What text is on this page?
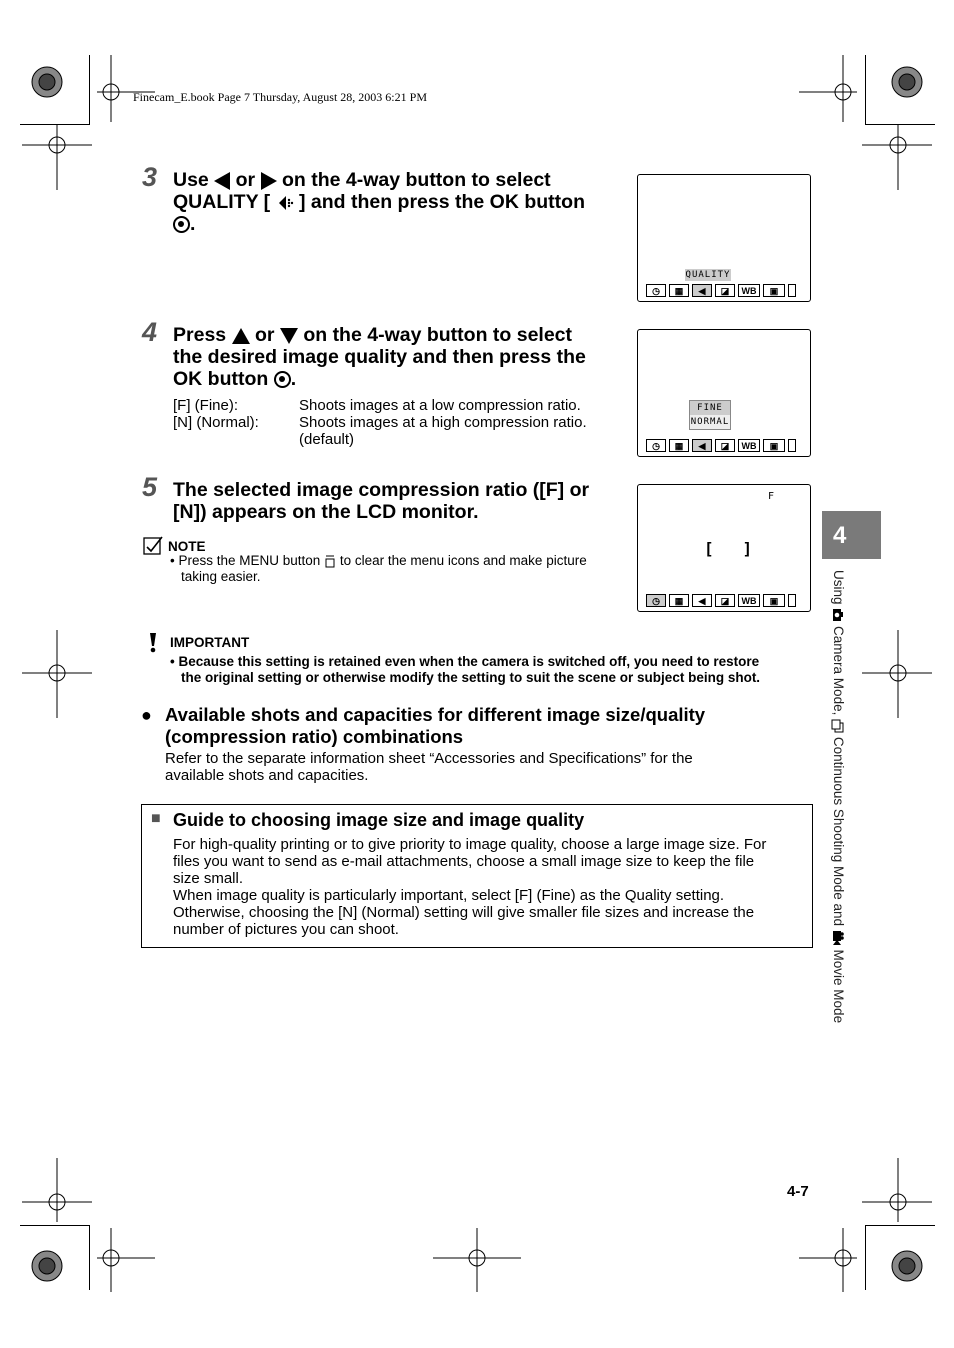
Finecam_E.book Page 7 Thursday, August 28, 2003 6:21 PM
3 Use or on the 4-way button to select
QUALITY [ ] and then press the OK button
.
QUALITY
◷	▦	◀	◪	WB	▣
4 Press or on the 4-way button to select
the desired image quality and then press the
OK button .
[F] (Fine):	Shoots images at a low compression ratio.
[N] (Normal):	Shoots images at a high compression ratio.
(default)
FINE
NORMAL
◷	▦	◀	◪	WB	▣
5 The selected image compression ratio ([F] or
[N]) appears on the LCD monitor.
F
[   ]
◷	▦	◀	◪	WB	▣
NOTE
• Press the MENU button to clear the menu icons and make picture
taking easier.
IMPORTANT
• Because this setting is retained even when the camera is switched off, you need to restore
the original setting or otherwise modify the setting to suit the scene or subject being shot.
● Available shots and capacities for different image size/quality
(compression ratio) combinations
Refer to the separate information sheet “Accessories and Specifications” for the
available shots and capacities.
■ Guide to choosing image size and image quality
For high-quality printing or to give priority to image quality, choose a large image size. For
files you want to send as e-mail attachments, choose a small image size to keep the file
size small.
When image quality is particularly important, select [F] (Fine) as the Quality setting.
Otherwise, choosing the [N] (Normal) setting will give smaller file sizes and increase the
number of pictures you can shoot.
4
Using  Camera Mode,  Continuous Shooting Mode and  Movie Mode
4-7
